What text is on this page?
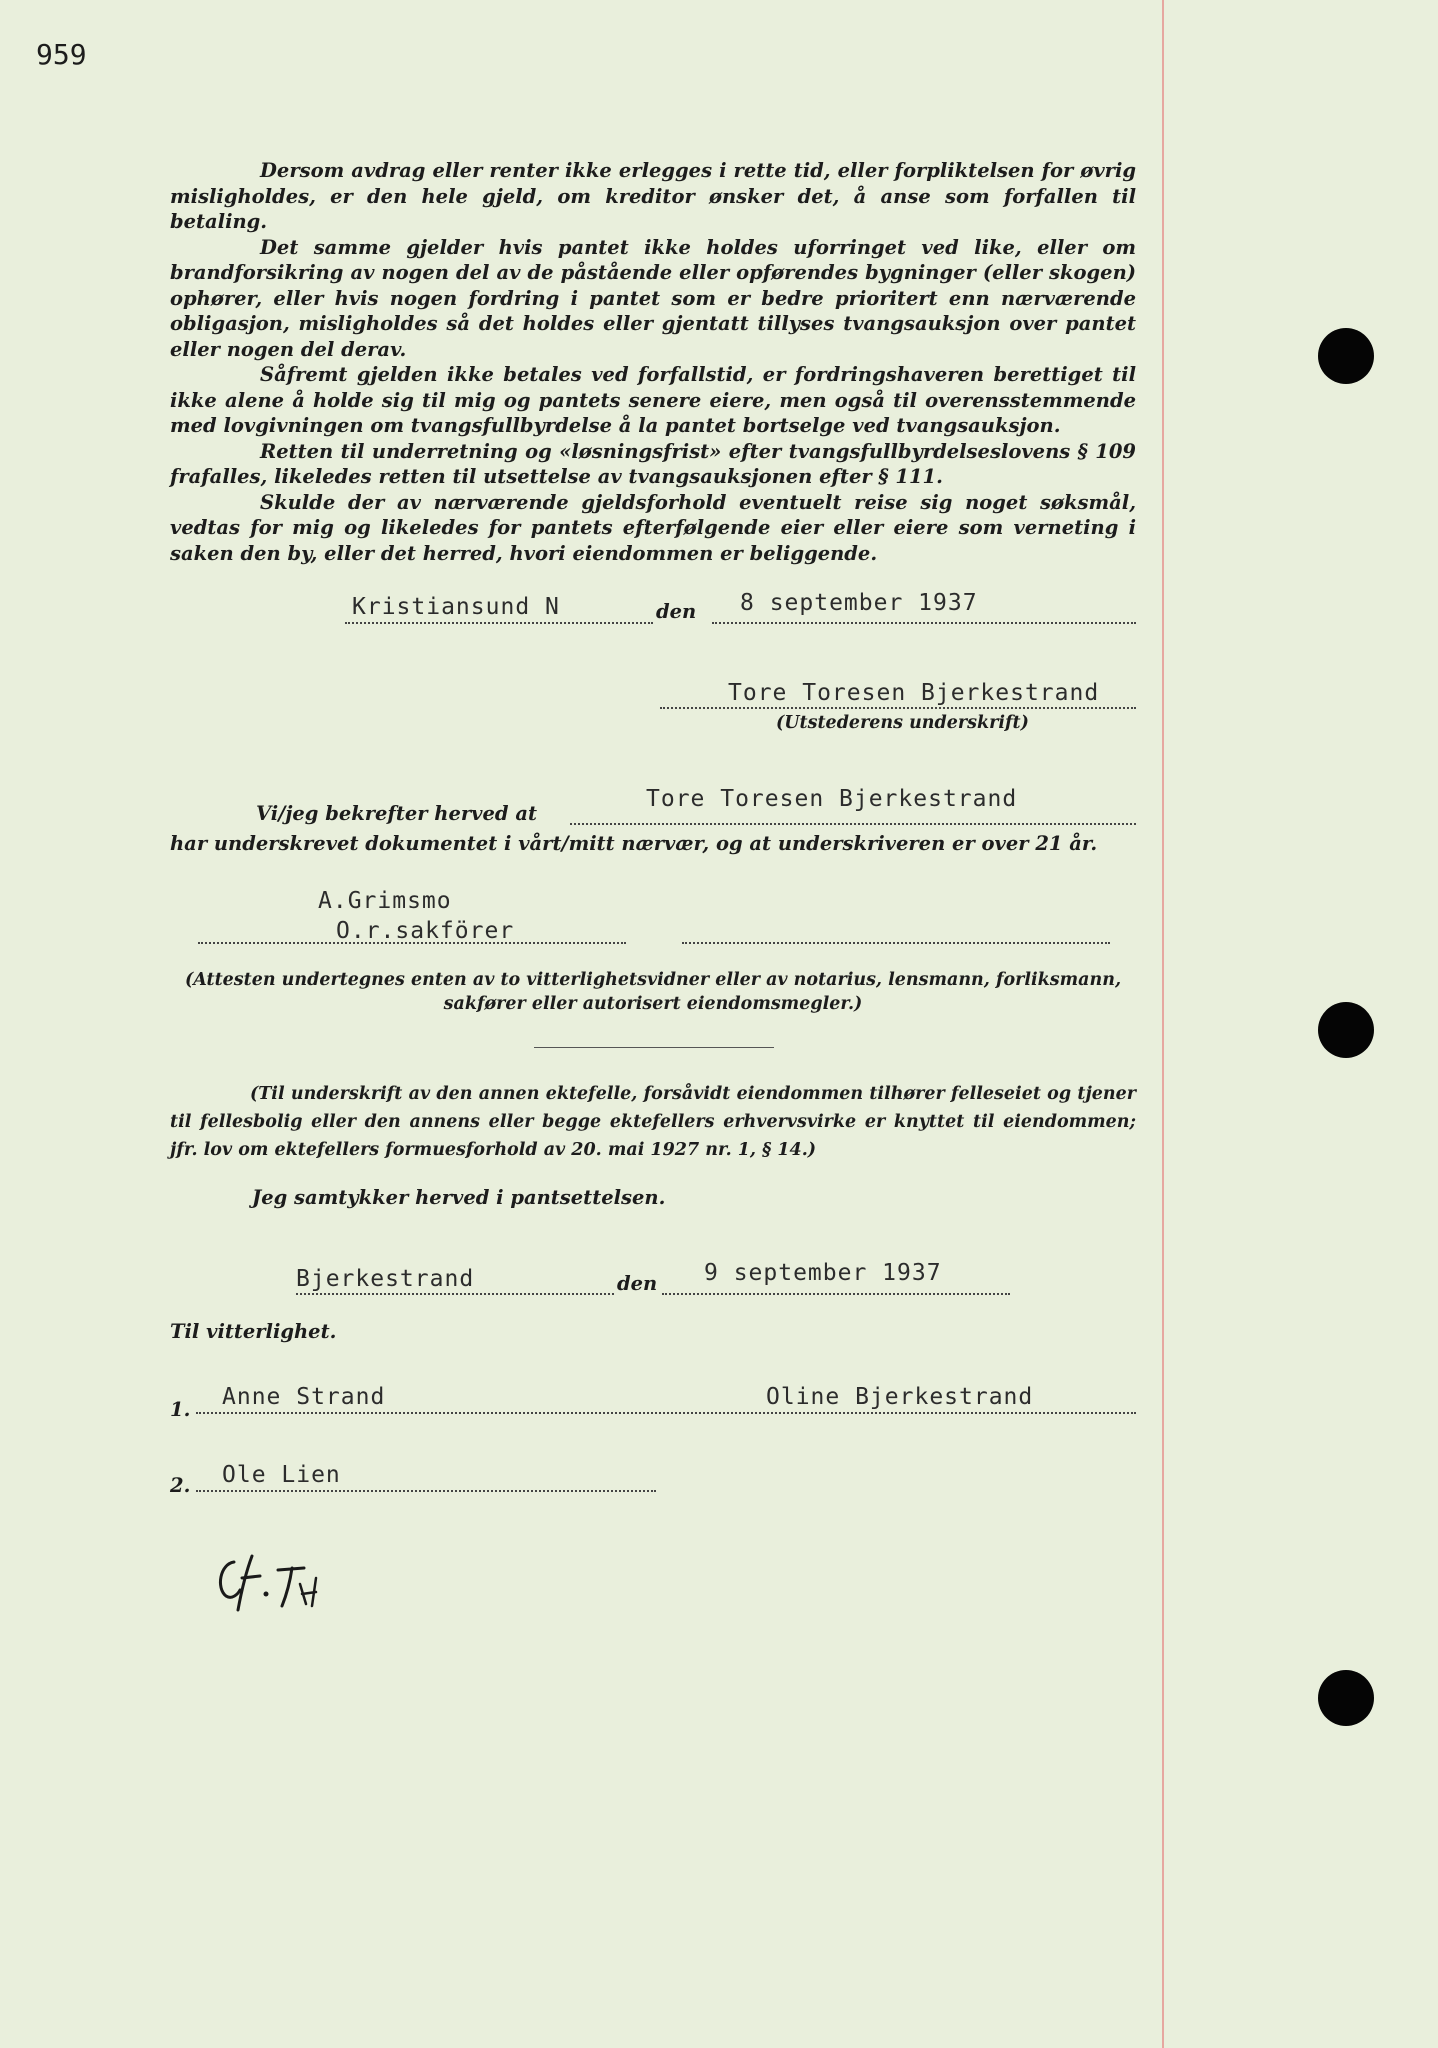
959

Dersom avdrag eller renter ikke erlegges i rette tid, eller forpliktelsen for øvrig misligholdes, er den hele gjeld, om kreditor ønsker det, å anse som forfallen til betaling.

Det samme gjelder hvis pantet ikke holdes uforringet ved like, eller om brandforsikring av nogen del av de påstående eller opførendes bygninger (eller skogen) ophører, eller hvis nogen fordring i pantet som er bedre prioritert enn nærværende obligasjon, misligholdes så det holdes eller gjentatt tillyses tvangsauksjon over pantet eller nogen del derav.

Såfremt gjelden ikke betales ved forfallstid, er fordringshaveren berettiget til ikke alene å holde sig til mig og pantets senere eiere, men også til overensstemmende med lovgivningen om tvangsfullbyrdelse å la pantet bortselge ved tvangsauksjon.

Retten til underretning og «løsningsfrist» efter tvangsfullbyrdelseslovens § 109 frafalles, likeledes retten til utsettelse av tvangsauksjonen efter § 111.

Skulde der av nærværende gjeldsforhold eventuelt reise sig noget søksmål, vedtas for mig og likeledes for pantets efterfølgende eier eller eiere som verneting i saken den by, eller det herred, hvori eiendommen er beliggende.

Kristiansund N	den 8 september 1937
Tore Toresen Bjerkestrand
(Utstederens underskrift)
Vi/jeg bekrefter herved at
Tore Toresen Bjerkestrand
har underskrevet dokumentet i vårt/mitt nærvær, og at underskriveren er over 21 år.
A.Grimsmo
O.r.sakförer
(Attesten undertegnes enten av to vitterlighetsvidner eller av notarius, lensmann, forliksmann, sakfører eller autorisert eiendomsmegler.)
(Til underskrift av den annen ektefelle, forsåvidt eiendommen tilhører felleseiet og tjener til fellesbolig eller den annens eller begge ektefellers erhvervsvirke er knyttet til eiendommen; jfr. lov om ektefellers formuesforhold av 20. mai 1927 nr. 1, § 14.)
Jeg samtykker herved i pantsettelsen.
Bjerkestrand	den 9 september 1937
Til vitterlighet.
1. Anne Strand	Oline Bjerkestrand
2. Ole Lien
